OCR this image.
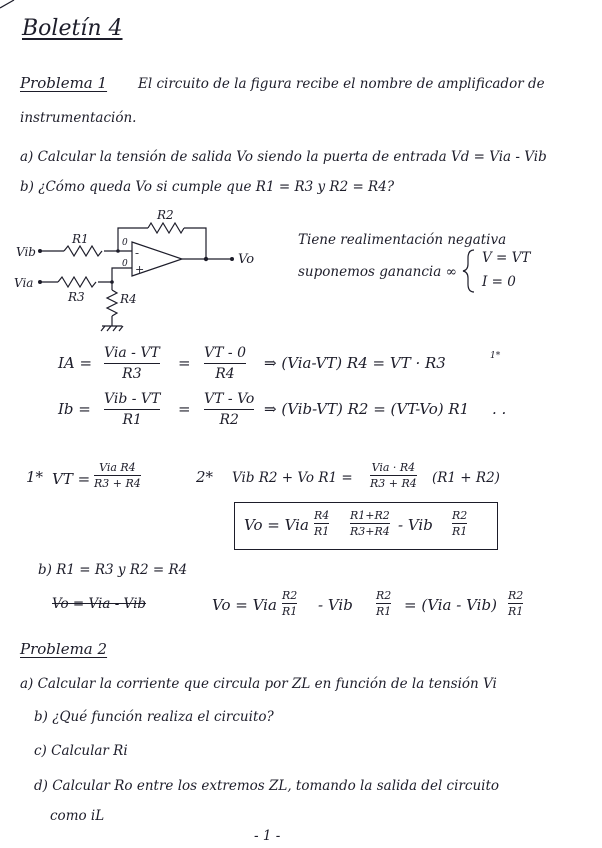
Boletín 4
Problema 1 El circuito de la figura recibe el nombre de amplificador de
instrumentación.
a) Calcular la tensión de salida Vo siendo la puerta de entrada Vd = Via - Vib
b) ¿Cómo queda Vo si cumple que R1 = R3 y R2 = R4?
R1
R2
R3	R4
Vib
Via
Vo
-
+
0
0
Tiene realimentación negativa
suponemos ganancia ∞
V = VT
I = 0
IA =
Via - VT
R3
=
VT - 0
R4
⇒ (Via-VT) R4 = VT · R3	1*
Ib =
Vib - VT
R1
=
VT - Vo
R2
⇒ (Vib-VT) R2 = (VT-Vo) R1 . .
1* VT =
Via R4
R3 + R4	2* Vib R2 + Vo R1 =
Via · R4
R3 + R4 (R1 + R2)
Vo = Via
R4
R1
R1+R2
R3+R4 - Vib
R2
R1
b) R1 = R3 y R2 = R4
Vo = Via - Vib	Vo = Via
R2
R1 - Vib
R2
R1 = (Via - Vib)
R2
R1
Problema 2
a) Calcular la corriente que circula por ZL en función de la tensión Vi
b) ¿Qué función realiza el circuito?
c) Calcular Ri
d) Calcular Ro entre los extremos ZL, tomando la salida del circuito
como iL
- 1 -
